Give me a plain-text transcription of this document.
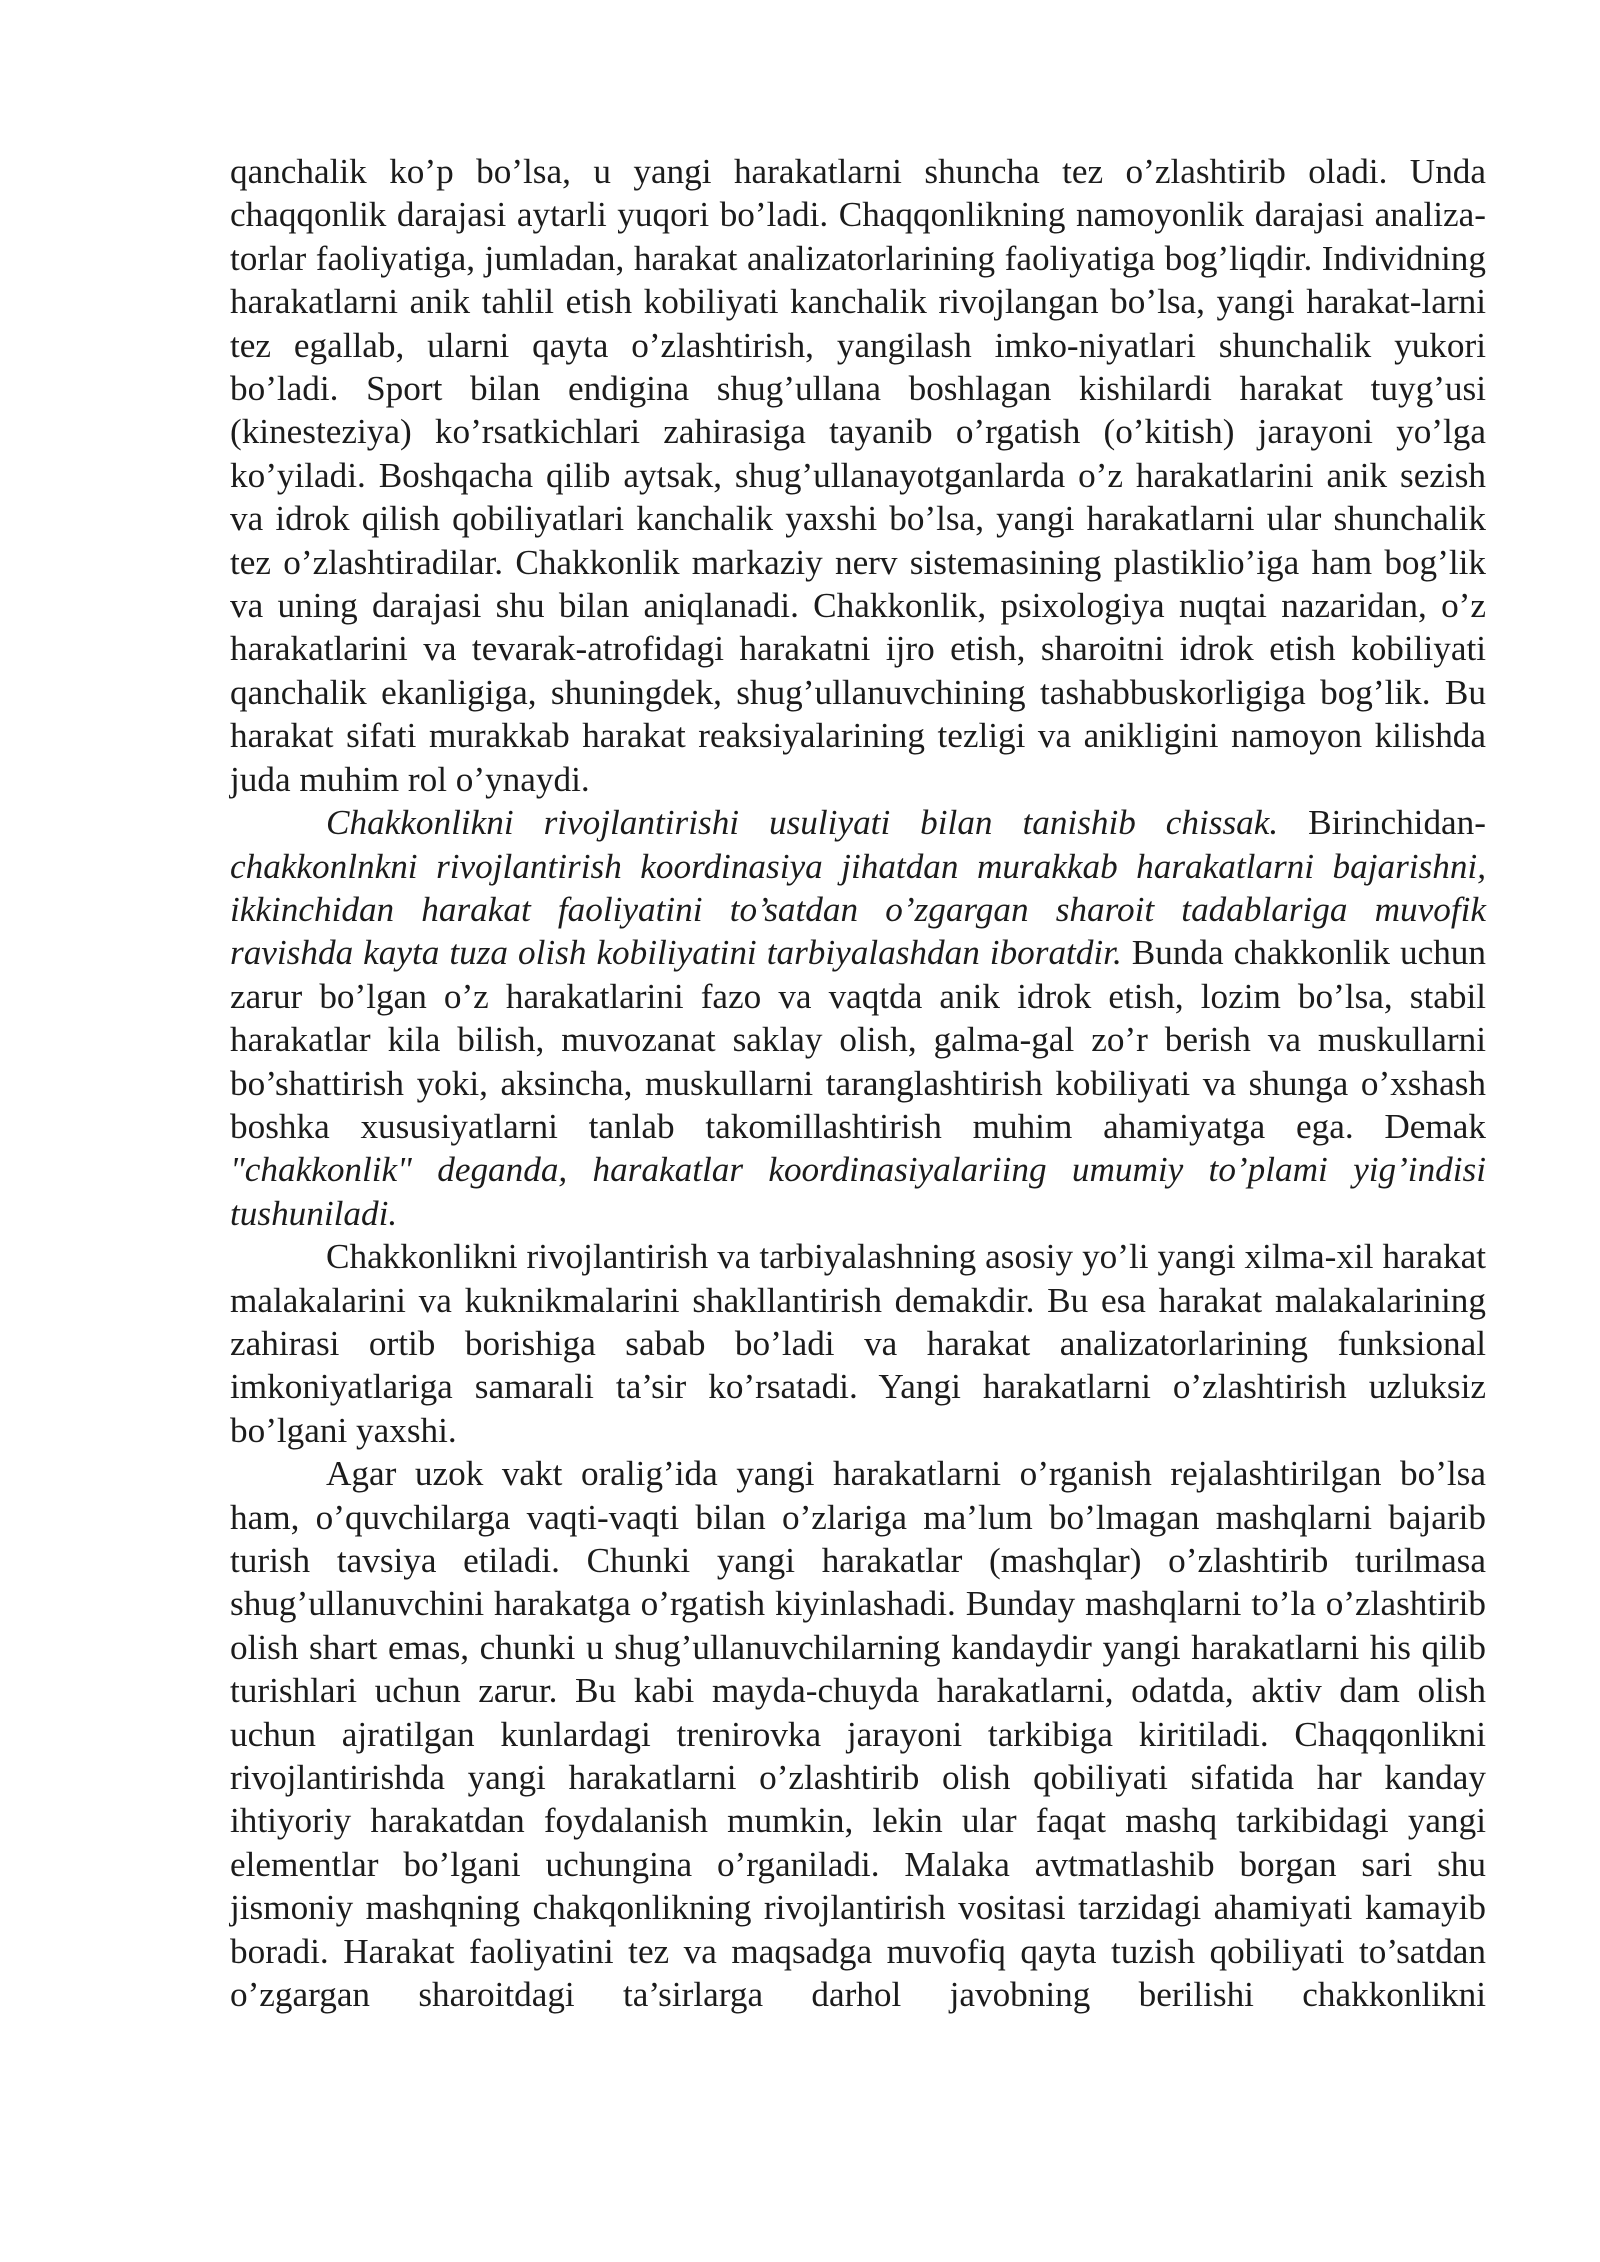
qanchalik ko’p bo’lsa, u yangi harakatlarni shuncha tez o’zlashtirib oladi. Unda chaqqonlik darajasi aytarli yuqori bo’ladi. Chaqqonlikning namoyonlik darajasi analiza-torlar faoliyatiga, jumladan, harakat analizatorlarining faoliyatiga bog’liqdir. Individning harakatlarni anik tahlil etish kobiliyati kanchalik rivojlangan bo’lsa, yangi harakat-larni tez egallab, ularni qayta o’zlashtirish, yangilash imko-niyatlari shunchalik yukori bo’ladi. Sport bilan endigina shug’ullana boshlagan kishilardi harakat tuyg’usi (kinesteziya) ko’rsatkichlari zahirasiga tayanib o’rgatish (o’kitish) jarayoni yo’lga ko’yiladi. Boshqacha qilib aytsak, shug’ullanayotganlarda o’z harakatlarini anik sezish va idrok qilish qobiliyatlari kanchalik yaxshi bo’lsa, yangi harakatlarni ular shunchalik tez o’zlashtiradilar. Chakkonlik markaziy nerv sistemasining plastiklio’iga ham bog’lik va uning darajasi shu bilan aniqlanadi. Chakkonlik, psixologiya nuqtai nazaridan, o’z harakatlarini va tevarak-atrofidagi harakatni ijro etish, sharoitni idrok etish kobiliyati qanchalik ekanligiga, shuningdek, shug’ullanuvchining tashabbuskorligiga bog’lik. Bu harakat sifati murakkab harakat reaksiyalarining tezligi va anikligini namoyon kilishda juda muhim rol o’ynaydi.

Chakkonlikni rivojlantirishi usuliyati bilan tanishib chissak. Birinchidan- chakkonlnkni rivojlantirish koordinasiya jihatdan murakkab harakatlarni bajarishni, ikkinchidan harakat faoliyatini to’satdan o’zgargan sharoit tadablariga muvofik ravishda kayta tuza olish kobiliyatini tarbiyalashdan iboratdir. Bunda chakkonlik uchun zarur bo’lgan o’z harakatlarini fazo va vaqtda anik idrok etish, lozim bo’lsa, stabil harakatlar kila bilish, muvozanat saklay olish, galma-gal zo’r berish va muskullarni bo’shattirish yoki, aksincha, muskullarni taranglashtirish kobiliyati va shunga o’xshash boshka xususiyatlarni tanlab takomillashtirish muhim ahamiyatga ega. Demak "chakkonlik" deganda, harakatlar koordinasiyalariing umumiy to’plami yig’indisi tushuniladi.

Chakkonlikni rivojlantirish va tarbiyalashning asosiy yo’li yangi xilma-xil harakat malakalarini va kuknikmalarini shakllantirish demakdir. Bu esa harakat malakalarining zahirasi ortib borishiga sabab bo’ladi va harakat analizatorlarining funksional imkoniyatlariga samarali ta’sir ko’rsatadi. Yangi harakatlarni o’zlashtirish uzluksiz bo’lgani yaxshi.

Agar uzok vakt oralig’ida yangi harakatlarni o’rganish rejalashtirilgan bo’lsa ham, o’quvchilarga vaqti-vaqti bilan o’zlariga ma’lum bo’lmagan mashqlarni bajarib turish tavsiya etiladi. Chunki yangi harakatlar (mashqlar) o’zlashtirib turilmasa shug’ullanuvchini harakatga o’rgatish kiyinlashadi. Bunday mashqlarni to’la o’zlashtirib olish shart emas, chunki u shug’ullanuvchilarning kandaydir yangi harakatlarni his qilib turishlari uchun zarur. Bu kabi mayda-chuyda harakatlarni, odatda, aktiv dam olish uchun ajratilgan kunlardagi trenirovka jarayoni tarkibiga kiritiladi. Chaqqonlikni rivojlantirishda yangi harakatlarni o’zlashtirib olish qobiliyati sifatida har kanday ihtiyoriy harakatdan foydalanish mumkin, lekin ular faqat mashq tarkibidagi yangi elementlar bo’lgani uchungina o’rganiladi. Malaka avtmatlashib borgan sari shu jismoniy mashqning chakqonlikning rivojlantirish vositasi tarzidagi ahamiyati kamayib boradi. Harakat faoliyatini tez va maqsadga muvofiq qayta tuzish qobiliyati to’satdan o’zgargan sharoitdagi ta’sirlarga darhol javobning berilishi chakkonlikni
